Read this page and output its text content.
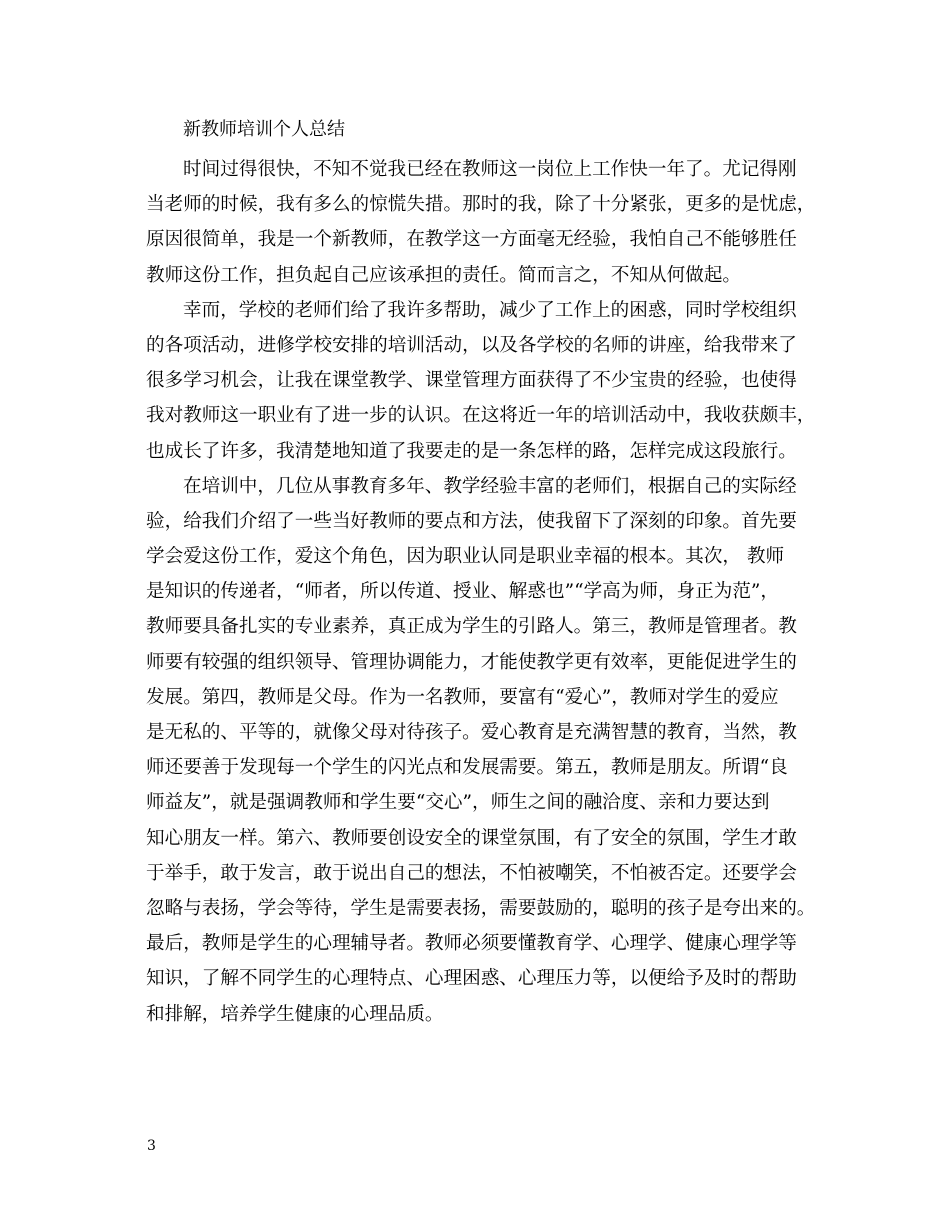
新教师培训个人总结
时间过得很快，不知不觉我已经在教师这一岗位上工作快一年了。尤记得刚
当老师的时候，我有多么的惊慌失措。那时的我，除了十分紧张，更多的是忧虑，
原因很简单，我是一个新教师，在教学这一方面毫无经验，我怕自己不能够胜任
教师这份工作，担负起自己应该承担的责任。简而言之，不知从何做起。
幸而，学校的老师们给了我许多帮助，减少了工作上的困惑，同时学校组织
的各项活动，进修学校安排的培训活动，以及各学校的名师的讲座，给我带来了
很多学习机会，让我在课堂教学、课堂管理方面获得了不少宝贵的经验，也使得
我对教师这一职业有了进一步的认识。在这将近一年的培训活动中，我收获颇丰，
也成长了许多，我清楚地知道了我要走的是一条怎样的路，怎样完成这段旅行。
在培训中，几位从事教育多年、教学经验丰富的老师们，根据自己的实际经
验，给我们介绍了一些当好教师的要点和方法，使我留下了深刻的印象。首先要
学会爱这份工作，爱这个角色，因为职业认同是职业幸福的根本。其次， 教师
是知识的传递者，“师者，所以传道、授业、解惑也”“学高为师，身正为范”，
教师要具备扎实的专业素养，真正成为学生的引路人。第三，教师是管理者。教
师要有较强的组织领导、管理协调能力，才能使教学更有效率，更能促进学生的
发展。第四，教师是父母。作为一名教师，要富有“爱心”，教师对学生的爱应
是无私的、平等的，就像父母对待孩子。爱心教育是充满智慧的教育，当然，教
师还要善于发现每一个学生的闪光点和发展需要。第五，教师是朋友。所谓“良
师益友”，就是强调教师和学生要“交心”，师生之间的融洽度、亲和力要达到
知心朋友一样。第六、教师要创设安全的课堂氛围，有了安全的氛围，学生才敢
于举手，敢于发言，敢于说出自己的想法，不怕被嘲笑，不怕被否定。还要学会
忽略与表扬，学会等待，学生是需要表扬，需要鼓励的，聪明的孩子是夸出来的。
最后，教师是学生的心理辅导者。教师必须要懂教育学、心理学、健康心理学等
知识，了解不同学生的心理特点、心理困惑、心理压力等，以便给予及时的帮助
和排解，培养学生健康的心理品质。
3
